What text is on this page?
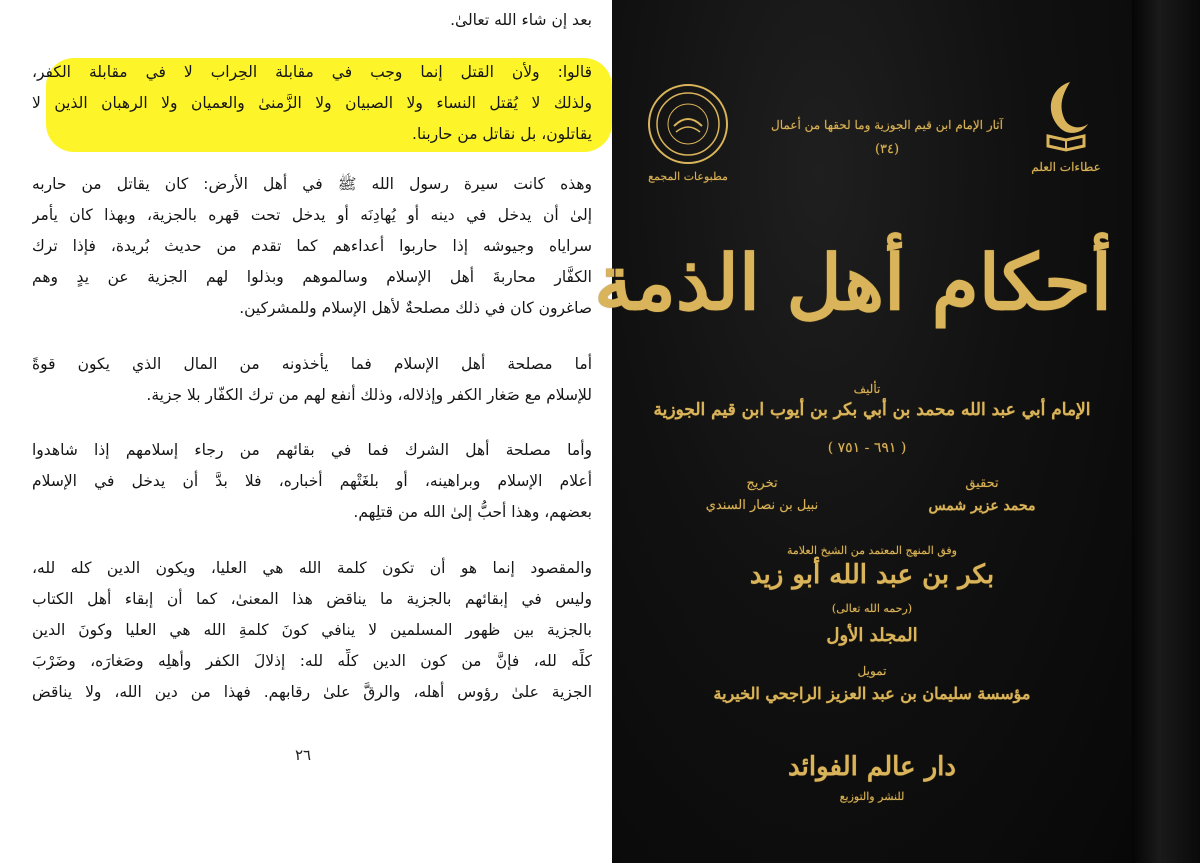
بعد إن شاء الله تعالىٰ.
قالوا: ولأن القتل إنما وجب في مقابلة الحِراب لا في مقابلة الكفر،
ولذلك لا يُقتل النساء ولا الصبيان ولا الزَّمنىٰ والعميان ولا الرهبان الذين لا
يقاتلون، بل نقاتل من حاربنا.
وهذه كانت سيرة رسول الله ﷺ في أهل الأرض: كان يقاتل من حاربه
إلىٰ أن يدخل في دينه أو يُهادِنَه أو يدخل تحت قهره بالجزية، وبهذا كان يأمر
سراياه وجيوشه إذا حاربوا أعداءهم كما تقدم من حديث بُريدة، فإذا ترك
الكفَّار محاربةَ أهل الإسلام وسالموهم وبذلوا لهم الجزية عن يدٍ وهم
صاغرون كان في ذلك مصلحةٌ لأهل الإسلام وللمشركين.
أما مصلحة أهل الإسلام فما يأخذونه من المال الذي يكون قوةً
للإسلام مع صَغار الكفر وإذلاله، وذلك أنفع لهم من ترك الكفّار بلا جزية.
وأما مصلحة أهل الشرك فما في بقائهم من رجاء إسلامهم إذا شاهدوا
أعلام الإسلام وبراهينه، أو بلغَتْهم أخباره، فلا بدَّ أن يدخل في الإسلام
بعضهم، وهذا أحبُّ إلىٰ الله من قتلِهم.
والمقصود إنما هو أن تكون كلمة الله هي العليا، ويكون الدين كله لله،
وليس في إبقائهم بالجزية ما يناقض هذا المعنىٰ، كما أن إبقاء أهل الكتاب
بالجزية بين ظهور المسلمين لا ينافي كونَ كلمةِ الله هي العليا وكونَ الدين
كلِّه لله، فإنَّ من كون الدين كلِّه لله: إذلالَ الكفر وأهلِه وصَغارَه، وضَرْبَ
الجزية علىٰ رؤوس أهله، والرقَّ علىٰ رقابهم. فهذا من دين الله، ولا يناقض
٢٦
عطاءات العلم
آثار الإمام ابن قيم الجوزية وما لحقها من أعمال
(٣٤)
مطبوعات المجمع
أحكام أهل الذمة
تأليف
الإمام أبي عبد الله محمد بن أبي بكر بن أيوب ابن قيم الجوزية
( ٦٩١ - ٧٥١ )
تحقيق
محمد عزير شمس
تخريج
نبيل بن نصار السندي
وفق المنهج المعتمد من الشيخ العلامة
بكر بن عبد الله أبو زيد
(رحمه الله تعالى)
المجلد الأول
تمويل
مؤسسة سليمان بن عبد العزيز الراجحي الخيرية
دار عالم الفوائد
للنشر والتوزيع
